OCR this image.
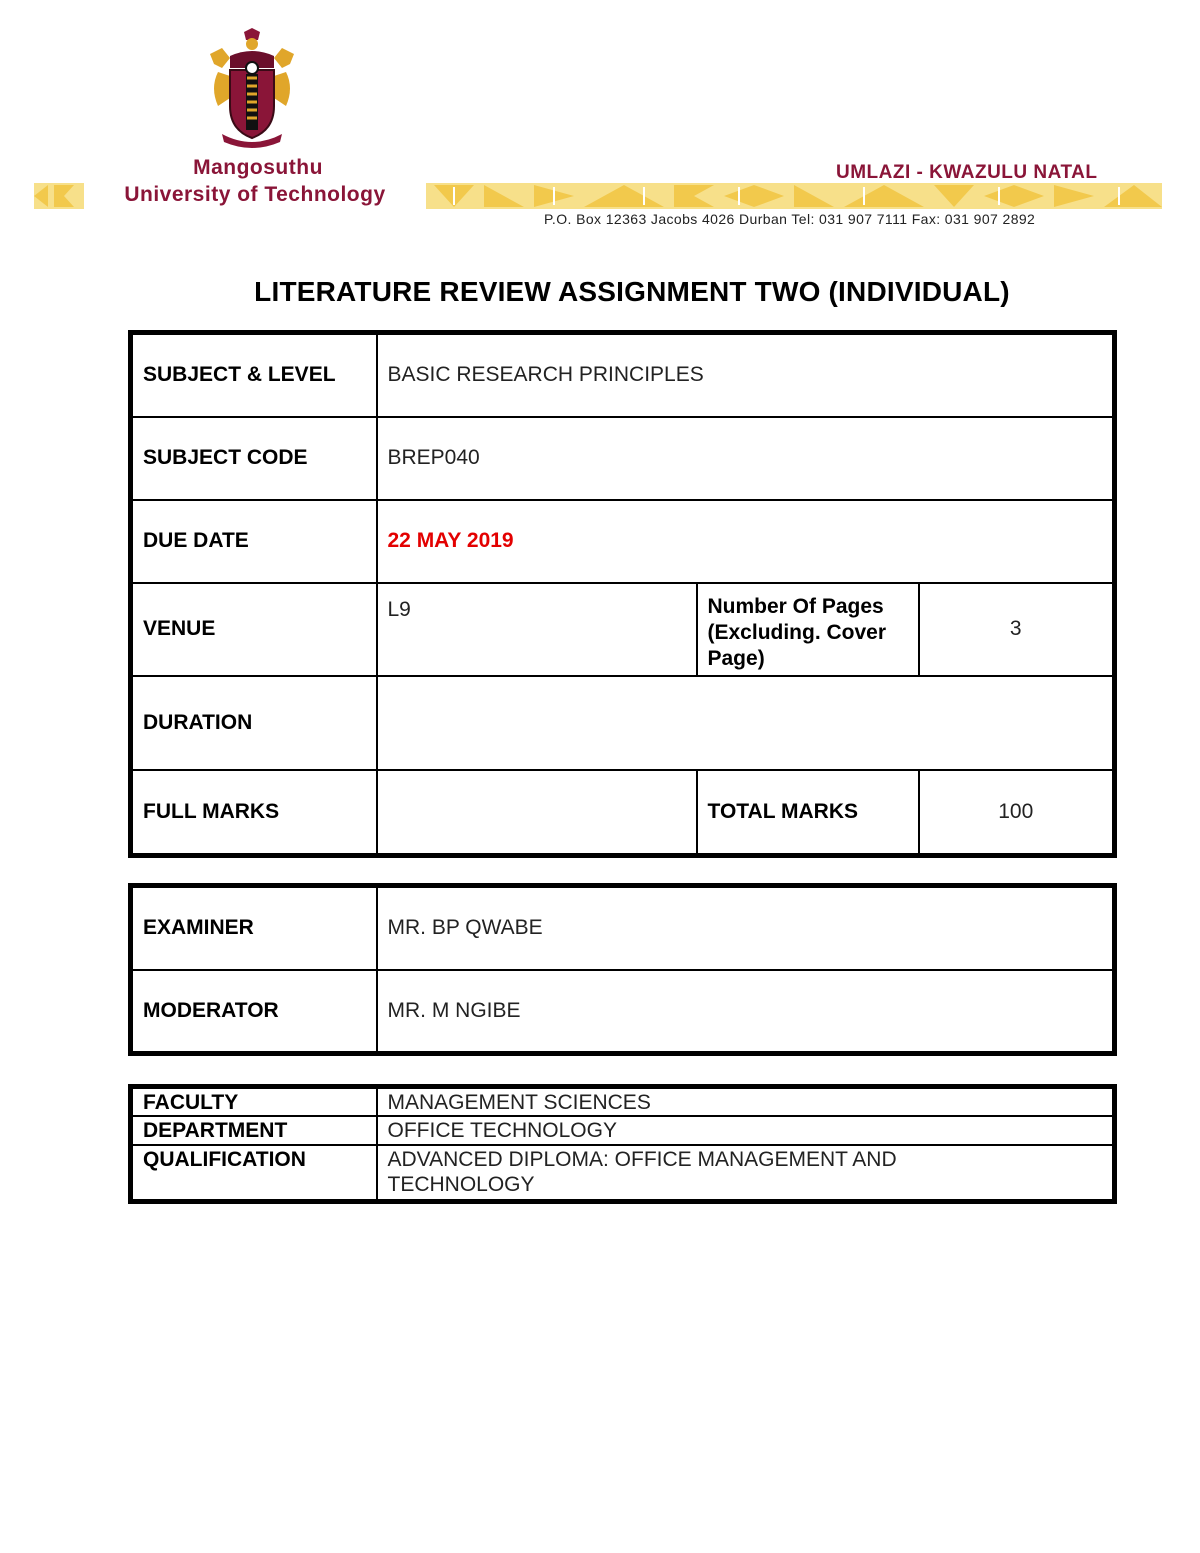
Mangosuthu
University of Technology
UMLAZI - KWAZULU NATAL
P.O. Box 12363 Jacobs 4026 Durban Tel: 031 907 7111 Fax: 031 907 2892
LITERATURE REVIEW ASSIGNMENT TWO (INDIVIDUAL)
SUBJECT & LEVEL	BASIC RESEARCH PRINCIPLES		
SUBJECT CODE	BREP040		
DUE DATE	22 MAY 2019		
VENUE	L9	Number Of Pages (Excluding. Cover Page)	3
DURATION			
FULL MARKS		TOTAL MARKS	100
EXAMINER	MR. BP QWABE
MODERATOR	MR. M NGIBE
FACULTY	MANAGEMENT SCIENCES
DEPARTMENT	OFFICE TECHNOLOGY
QUALIFICATION	ADVANCED DIPLOMA: OFFICE MANAGEMENT AND TECHNOLOGY
